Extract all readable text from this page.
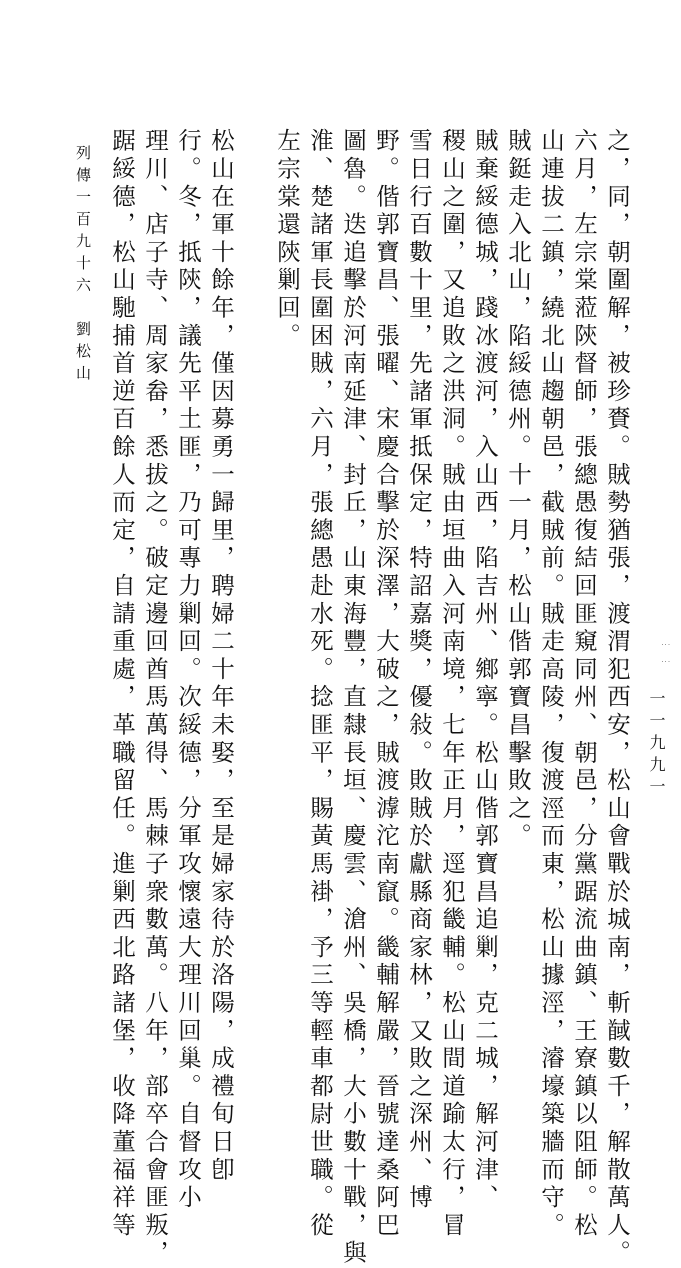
之，同，朝圍解，被珍賚。賊勢猶張，渡渭犯西安，松山會戰於城南，斬馘數千，解散萬人。
六月，左宗棠蒞陝督師，張總愚復結回匪窺同州、朝邑，分黨踞流曲鎮、王寮鎮以阻師。松
山連拔二鎮，繞北山趨朝邑，截賊前。賊走高陵，復渡涇而東，松山據涇，濬壕築牆而守。
賊鋌走入北山，陷綏德州。十一月，松山偕郭寶昌擊敗之。
賊棄綏德城，踐冰渡河，入山西，陷吉州、鄉寧。松山偕郭寶昌追剿，克二城，解河津、
稷山之圍，又追敗之洪洞。賊由垣曲入河南境，七年正月，逕犯畿輔。松山間道踰太行，冒
雪日行百數十里，先諸軍抵保定，特詔嘉獎，優敍。敗賊於獻縣商家林，又敗之深州、博
野。偕郭寶昌、張曜、宋慶合擊於深澤，大破之，賊渡滹沱南竄。畿輔解嚴，晉號達桑阿巴
圖魯。迭追擊於河南延津、封丘，山東海豐，直隸長垣、慶雲、滄州、吳橋，大小數十戰，與
淮、楚諸軍長圍困賊，六月，張總愚赴水死。捻匪平，賜黃馬褂，予三等輕車都尉世職。從
左宗棠還陝剿回。
松山在軍十餘年，僅因募勇一歸里，聘婦二十年未娶，至是婦家待於洛陽，成禮旬日卽
行。冬，抵陝，議先平土匪，乃可專力剿回。次綏德，分軍攻懷遠大理川回巢。自督攻小
理川、店子寺、周家畚，悉拔之。破定邊回酋馬萬得、馬棘子衆數萬。八年，部卒合會匪叛，
踞綏德，松山馳捕首逆百餘人而定，自請重處，革職留任。進剿西北路諸堡，收降董福祥等
列傳一百九十六　劉松山
一一九九一
⋮⋮
